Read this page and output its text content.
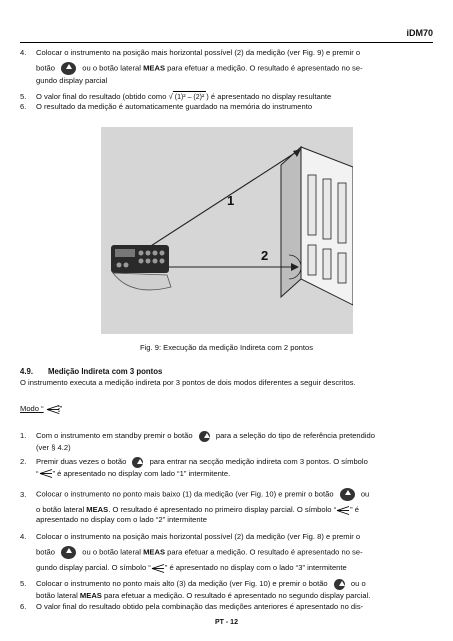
iDM70
4. Colocar o instrumento na posição mais horizontal possível (2) da medição (ver Fig. 9) e premir o
botão	ou o botão lateral MEAS para efetuar a medição. O resultado é apresentado no se-
gundo display parcial
5. O valor final do resultado (obtido como √ (1)² – (2)² ) é apresentado no display resultante
6. O resultado da medição é automaticamente guardado na memória do instrumento
1
2
Fig. 9: Execução da medição Indireta com 2 pontos
4.9. Medição Indireta com 3 pontos
O instrumento executa a medição indireta por 3 pontos de dois modos diferentes a seguir descritos.
Modo “ ”
1. Com o instrumento em standby premir o botão	para a seleção do tipo de referência pretendido
(ver § 4.2)
2. Premir duas vezes o botão	para entrar na secção medição indireta com 3 pontos. O símbolo
“ ” é apresentado no display com lado “1” intermitente.
3. Colocar o instrumento no ponto mais baixo (1) da medição (ver Fig. 10) e premir o botão	ou
o botão lateral MEAS. O resultado é apresentado no primeiro display parcial. O símbolo “ ” é
apresentado no display com o lado “2” intermitente
4. Colocar o instrumento na posição mais horizontal possível (2) da medição (ver Fig. 8) e premir o
botão	ou o botão lateral MEAS para efetuar a medição. O resultado é apresentado no se-
gundo display parcial. O símbolo “ ” é apresentado no display com o lado “3” intermitente
5. Colocar o instrumento no ponto mais alto (3) da medição (ver Fig. 10) e premir o botão	ou o
botão lateral MEAS para efetuar a medição. O resultado é apresentado no segundo display parcial.
6. O valor final do resultado obtido pela combinação das medições anteriores é apresentado no dis-
PT - 12
